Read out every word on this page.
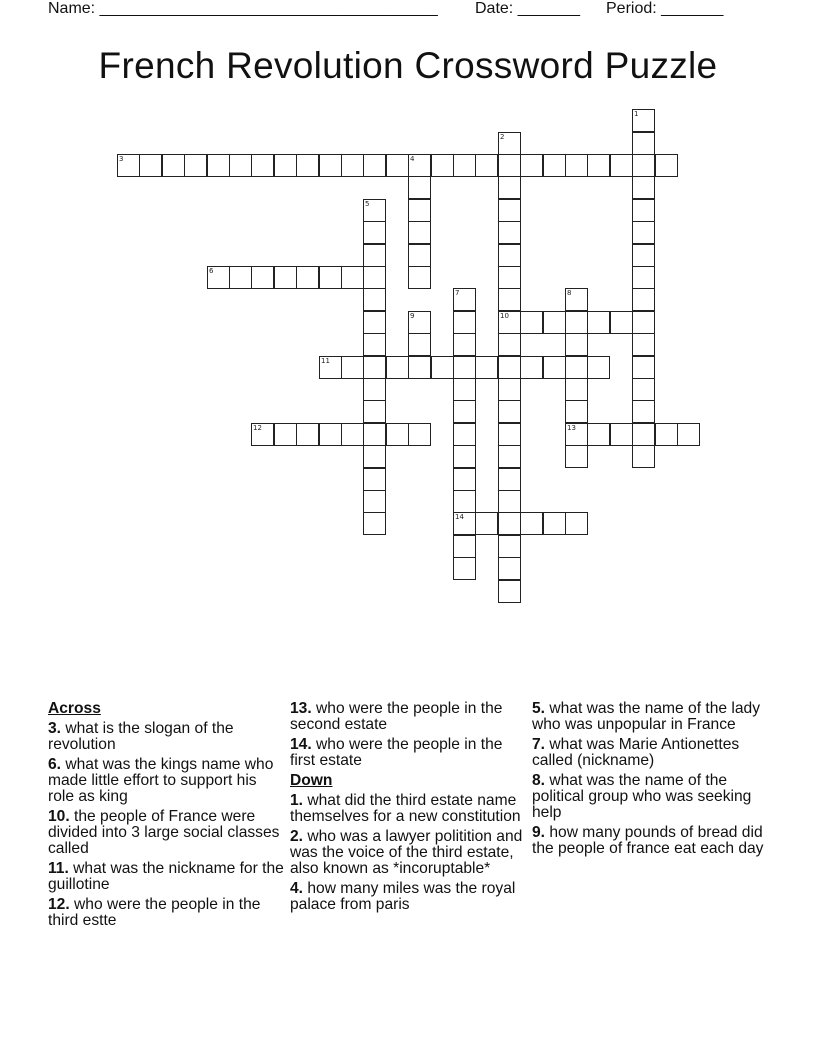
Name: ______________________________________

Date: _______

Period: _______

French Revolution Crossword Puzzle
1
2
10
3	4
5
6
7
14
8
13
9
11
12
Across
3. what is the slogan of the revolution
6. what was the kings name who made little effort to support his role as king
10. the people of France were divided into 3 large social classes called
11. what was the nickname for the guillotine
12. who were the people in the third estte
13. who were the people in the second estate
14. who were the people in the first estate
Down
1. what did the third estate name themselves for a new constitution
2. who was a lawyer politition and was the voice of the third estate, also known as *incoruptable*
4. how many miles was the royal palace from paris
5. what was the name of the lady who was unpopular in France
7. what was Marie Antionettes called (nickname)
8. what was the name of the political group who was seeking help
9. how many pounds of bread did the people of france eat each day
